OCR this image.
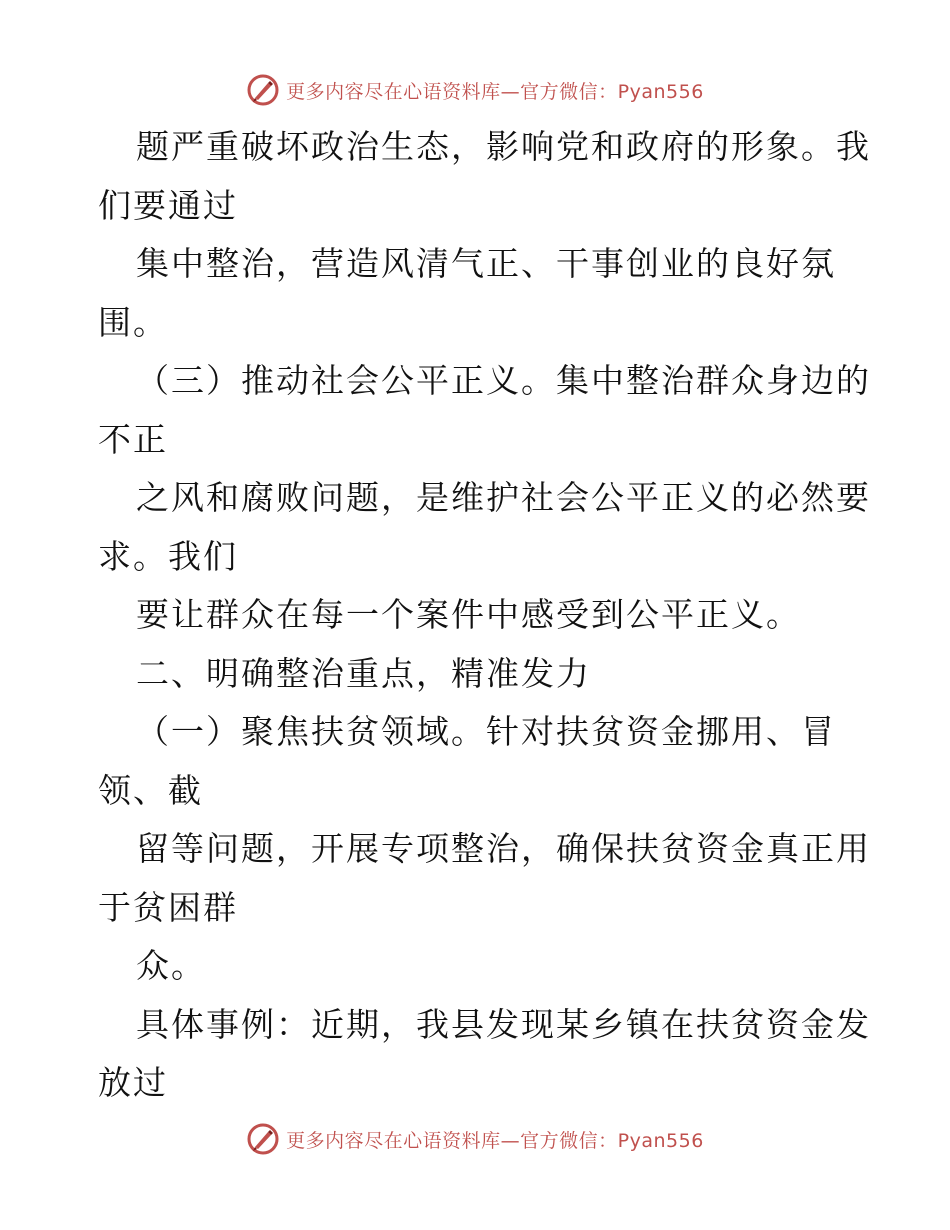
更多内容尽在心语资料库—官方微信：Pyan556
题严重破坏政治生态，影响党和政府的形象。我
们要通过
集中整治，营造风清气正、干事创业的良好氛
围。
（三）推动社会公平正义。集中整治群众身边的
不正
之风和腐败问题，是维护社会公平正义的必然要
求。我们
要让群众在每一个案件中感受到公平正义。
二、明确整治重点，精准发力
（一）聚焦扶贫领域。针对扶贫资金挪用、冒
领、截
留等问题，开展专项整治，确保扶贫资金真正用
于贫困群
众。
具体事例：近期，我县发现某乡镇在扶贫资金发
放过
更多内容尽在心语资料库—官方微信：Pyan556
